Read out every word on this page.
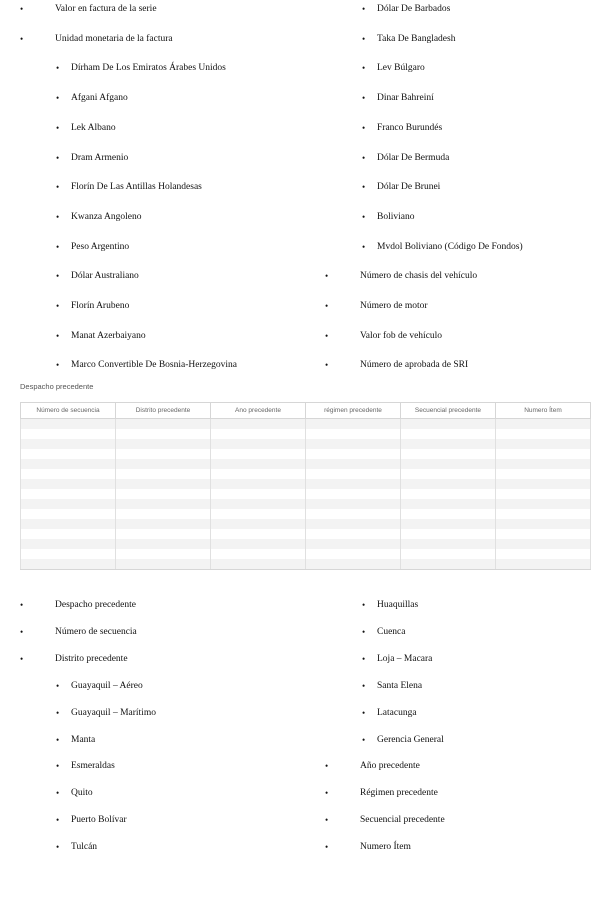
•	Valor en factura de la serie
•	Unidad monetaria de la factura
• Dírham De Los Emiratos Árabes Unidos
• Afgani Afgano
• Lek Albano
• Dram Armenio
• Florín De Las Antillas Holandesas
• Kwanza Angoleno
• Peso Argentino
• Dólar Australiano
• Florín Arubeno
• Manat Azerbaiyano
• Marco Convertible De Bosnia-Herzegovina
• Dólar De Barbados
• Taka De Bangladesh
• Lev Búlgaro
• Dinar Bahreiní
• Franco Burundés
• Dólar De Bermuda
• Dólar De Brunei
• Boliviano
• Mvdol Boliviano (Código De Fondos)
•	Número de chasis del vehículo
•	Número de motor
•	Valor fob de vehículo
•	Número de aprobada de SRI
•	Despacho precedente
•	Número de secuencia
•	Distrito precedente
• Guayaquil – Aéreo
• Guayaquil – Marítimo
• Manta
• Esmeraldas
• Quito
• Puerto Bolívar
• Tulcán
• Huaquillas
• Cuenca
• Loja – Macara
• Santa Elena
• Latacunga
• Gerencia General
•	Año precedente
•	Régimen precedente
•	Secuencial precedente
•	Numero Ítem
Despacho precedente
Número de secuencia	Distrito precedente	Ano precedente	régimen precedente	Secuencial precedente	Numero Ítem
